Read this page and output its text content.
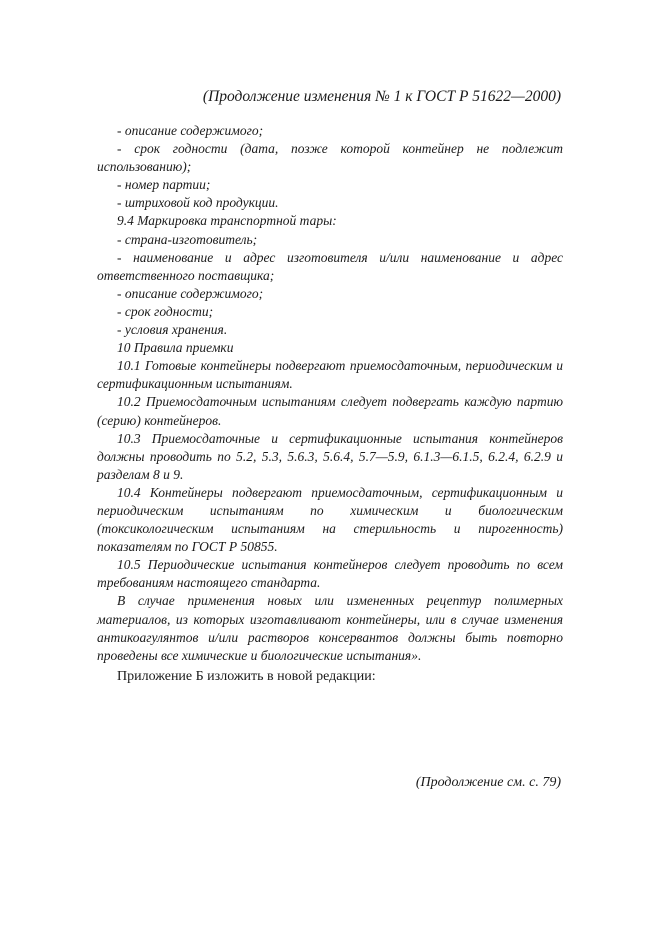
(Продолжение изменения № 1 к ГОСТ Р 51622—2000)

- описание содержимого;

- срок годности (дата, позже которой контейнер не подлежит использованию);

- номер партии;

- штриховой код продукции.

9.4 Маркировка транспортной тары:

- страна-изготовитель;

- наименование и адрес изготовителя и/или наименование и адрес ответственного поставщика;

- описание содержимого;

- срок годности;

- условия хранения.

10 Правила приемки

10.1 Готовые контейнеры подвергают приемосдаточным, периодическим и сертификационным испытаниям.

10.2 Приемосдаточным испытаниям следует подвергать каждую партию (серию) контейнеров.

10.3 Приемосдаточные и сертификационные испытания контейнеров должны проводить по 5.2, 5.3, 5.6.3, 5.6.4, 5.7—5.9, 6.1.3—6.1.5, 6.2.4, 6.2.9 и разделам 8 и 9.

10.4 Контейнеры подвергают приемосдаточным, сертификационным и периодическим испытаниям по химическим и биологическим (токсикологическим испытаниям на стерильность и пирогенность) показателям по ГОСТ Р 50855.

10.5 Периодические испытания контейнеров следует проводить по всем требованиям настоящего стандарта.

В случае применения новых или измененных рецептур полимерных материалов, из которых изготавливают контейнеры, или в случае изменения антикоагулянтов и/или растворов консервантов должны быть повторно проведены все химические и биологические испытания».

Приложение Б изложить в новой редакции:

(Продолжение см. с. 79)
